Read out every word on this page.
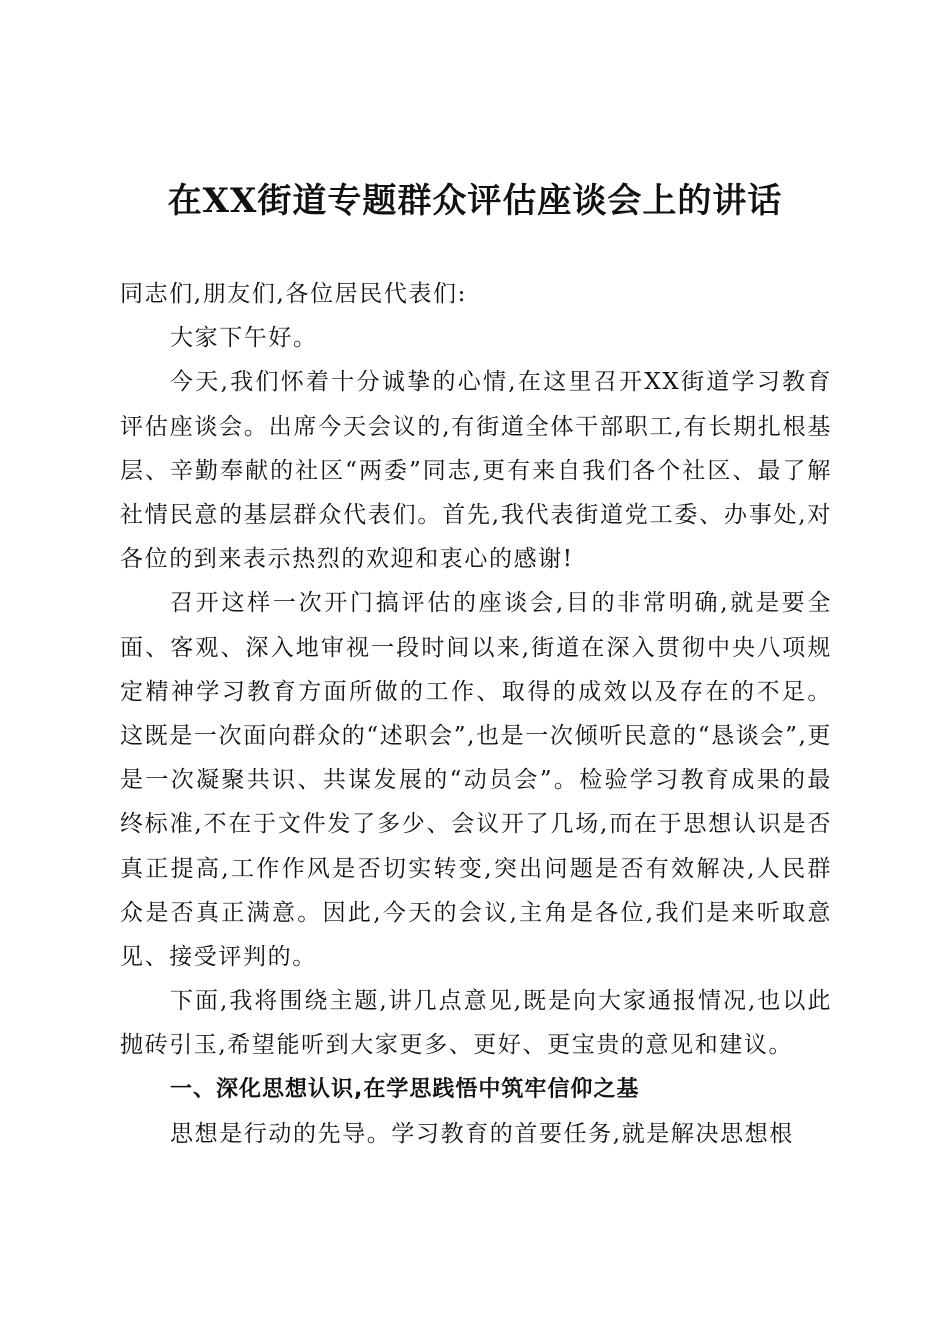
在XX街道专题群众评估座谈会上的讲话

同志们,朋友们,各位居民代表们:

大家下午好。

今天,我们怀着十分诚挚的心情,在这里召开XX街道学习教育评估座谈会。出席今天会议的,有街道全体干部职工,有长期扎根基层、辛勤奉献的社区“两委”同志,更有来自我们各个社区、最了解社情民意的基层群众代表们。首先,我代表街道党工委、办事处,对各位的到来表示热烈的欢迎和衷心的感谢!

召开这样一次开门搞评估的座谈会,目的非常明确,就是要全面、客观、深入地审视一段时间以来,街道在深入贯彻中央八项规定精神学习教育方面所做的工作、取得的成效以及存在的不足。这既是一次面向群众的“述职会”,也是一次倾听民意的“恳谈会”,更是一次凝聚共识、共谋发展的“动员会”。检验学习教育成果的最终标准,不在于文件发了多少、会议开了几场,而在于思想认识是否真正提高,工作作风是否切实转变,突出问题是否有效解决,人民群众是否真正满意。因此,今天的会议,主角是各位,我们是来听取意见、接受评判的。

下面,我将围绕主题,讲几点意见,既是向大家通报情况,也以此抛砖引玉,希望能听到大家更多、更好、更宝贵的意见和建议。

一、深化思想认识,在学思践悟中筑牢信仰之基

思想是行动的先导。学习教育的首要任务,就是解决思想根
